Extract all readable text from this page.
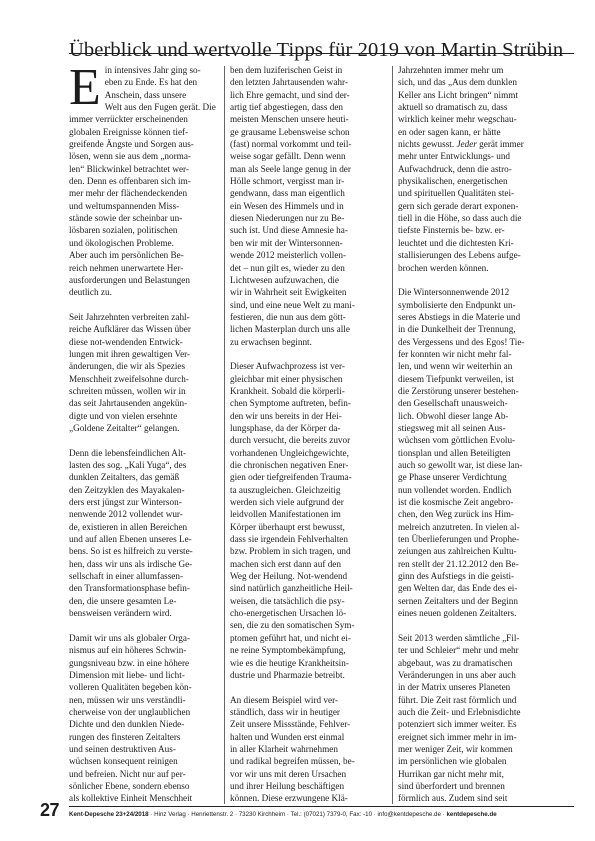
Überblick und wertvolle Tipps für 2019 von Martin Strübin

Ein intensives Jahr ging so-
eben zu Ende. Es hat den
Anschein, dass unsere
Welt aus den Fugen gerät. Die
immer verrückter erscheinenden
globalen Ereignisse können tief-
greifende Ängste und Sorgen aus-
lösen, wenn sie aus dem „norma-
len“ Blickwinkel betrachtet wer-
den. Denn es offenbaren sich im-
mer mehr der flächendeckenden
und weltumspannenden Miss-
stände sowie der scheinbar un-
lösbaren sozialen, politischen
und ökologischen Probleme.
Aber auch im persönlichen Be-
reich nehmen unerwartete Her-
ausforderungen und Belastungen
deutlich zu.

Seit Jahrzehnten verbreiten zahl-
reiche Aufklärer das Wissen über
diese not-wendenden Entwick-
lungen mit ihren gewaltigen Ver-
änderungen, die wir als Spezies
Menschheit zweifelsohne durch-
schreiten müssen, wollen wir in
das seit Jahrtausenden angekün-
digte und von vielen ersehnte
„Goldene Zeitalter“ gelangen.

Denn die lebensfeindlichen Alt-
lasten des sog. „Kali Yuga“, des
dunklen Zeitalters, das gemäß
den Zeitzyklen des Mayakalen-
ders erst jüngst zur Winterson-
nenwende 2012 vollendet wur-
de, existieren in allen Bereichen
und auf allen Ebenen unseres Le-
bens. So ist es hilfreich zu verste-
hen, dass wir uns als irdische Ge-
sellschaft in einer allumfassen-
den Transformationsphase befin-
den, die unsere gesamten Le-
bensweisen verändern wird.

Damit wir uns als globaler Orga-
nismus auf ein höheres Schwin-
gungsniveau bzw. in eine höhere
Dimension mit liebe- und licht-
volleren Qualitäten begeben kön-
nen, müssen wir uns verständli-
cherweise von der unglaublichen
Dichte und den dunklen Niede-
rungen des finsteren Zeitalters
und seinen destruktiven Aus-
wüchsen konsequent reinigen
und befreien. Nicht nur auf per-
sönlicher Ebene, sondern ebenso
als kollektive Einheit Menschheit

ben dem luziferischen Geist in
den letzten Jahrtausenden wahr-
lich Ehre gemacht, und sind der-
artig tief abgestiegen, dass den
meisten Menschen unsere heuti-
ge grausame Lebensweise schon
(fast) normal vorkommt und teil-
weise sogar gefällt. Denn wenn
man als Seele lange genug in der
Hölle schmort, vergisst man ir-
gendwann, dass man eigentlich
ein Wesen des Himmels und in
diesen Niederungen nur zu Be-
such ist. Und diese Amnesie ha-
ben wir mit der Wintersonnen-
wende 2012 meisterlich vollen-
det – nun gilt es, wieder zu den
Lichtwesen aufzuwachen, die
wir in Wahrheit seit Ewigkeiten
sind, und eine neue Welt zu mani-
festieren, die nun aus dem gött-
lichen Masterplan durch uns alle
zu erwachsen beginnt.

Dieser Aufwachprozess ist ver-
gleichbar mit einer physischen
Krankheit. Sobald die körperli-
chen Symptome auftreten, befin-
den wir uns bereits in der Hei-
lungsphase, da der Körper da-
durch versucht, die bereits zuvor
vorhandenen Ungleichgewichte,
die chronischen negativen Ener-
gien oder tiefgreifenden Trauma-
ta auszugleichen. Gleichzeitig
werden sich viele aufgrund der
leidvollen Manifestationen im
Körper überhaupt erst bewusst,
dass sie irgendein Fehlverhalten
bzw. Problem in sich tragen, und
machen sich erst dann auf den
Weg der Heilung. Not-wendend
sind natürlich ganzheitliche Heil-
weisen, die tatsächlich die psy-
cho-energetischen Ursachen lö-
sen, die zu den somatischen Sym-
ptomen geführt hat, und nicht ei-
ne reine Symptombekämpfung,
wie es die heutige Krankheitsin-
dustrie und Pharmazie betreibt.

An diesem Beispiel wird ver-
ständlich, dass wir in heutiger
Zeit unsere Missstände, Fehlver-
halten und Wunden erst einmal
in aller Klarheit wahrnehmen
und radikal begreifen müssen, be-
vor wir uns mit deren Ursachen
und ihrer Heilung beschäftigen
können. Diese erzwungene Klä-

Jahrzehnten immer mehr um
sich, und das „Aus dem dunklen
Keller ans Licht bringen“ nimmt
aktuell so dramatisch zu, dass
wirklich keiner mehr wegschau-
en oder sagen kann, er hätte
nichts gewusst. Jeder gerät immer
mehr unter Entwicklungs- und
Aufwachdruck, denn die astro-
physikalischen, energetischen
und spirituellen Qualitäten stei-
gern sich gerade derart exponen-
tiell in die Höhe, so dass auch die
tiefste Finsternis be- bzw. er-
leuchtet und die dichtesten Kri-
stallisierungen des Lebens aufge-
brochen werden können.

Die Wintersonnenwende 2012
symbolisierte den Endpunkt un-
seres Abstiegs in die Materie und
in die Dunkelheit der Trennung,
des Vergessens und des Egos! Tie-
fer konnten wir nicht mehr fal-
len, und wenn wir weiterhin an
diesem Tiefpunkt verweilen, ist
die Zerstörung unserer bestehen-
den Gesellschaft unausweich-
lich. Obwohl dieser lange Ab-
stiegsweg mit all seinen Aus-
wüchsen vom göttlichen Evolu-
tionsplan und allen Beteiligten
auch so gewollt war, ist diese lan-
ge Phase unserer Verdichtung
nun vollendet worden. Endlich
ist die kosmische Zeit angebro-
chen, den Weg zurück ins Him-
melreich anzutreten. In vielen al-
ten Überlieferungen und Prophe-
zeiungen aus zahlreichen Kultu-
ren stellt der 21.12.2012 den Be-
ginn des Aufstiegs in die geisti-
gen Welten dar, das Ende des ei-
sernen Zeitalters und der Beginn
eines neuen goldenen Zeitalters.

Seit 2013 werden sämtliche „Fil-
ter und Schleier“ mehr und mehr
abgebaut, was zu dramatischen
Veränderungen in uns aber auch
in der Matrix unseres Planeten
führt. Die Zeit rast förmlich und
auch die Zeit- und Erlebnisdichte
potenziert sich immer weiter. Es
ereignet sich immer mehr in im-
mer weniger Zeit, wir kommen
im persönlichen wie globalen
Hurrikan gar nicht mehr mit,
sind überfordert und brennen
förmlich aus. Zudem sind seit

27 Kent-Depesche 23+24/2018 · Hinz Verlag · Henriettenstr. 2 · 73230 Kirchheim · Tel.: (07021) 7379-0, Fax: -10 · info@kentdepesche.de · kentdepesche.de
